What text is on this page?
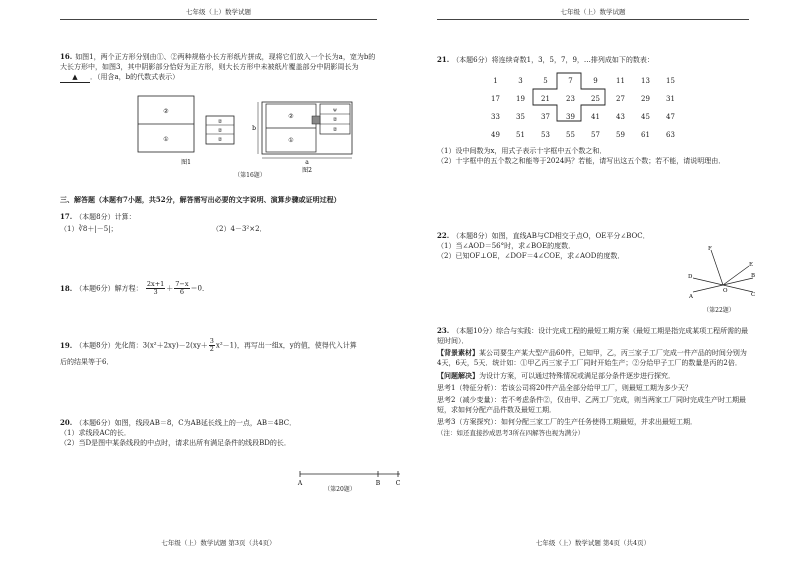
七年级（上）数学试题

16. 如图1，两个正方形分别由①、②两种规格小长方形纸片拼成，现将它们放入一个长为a，宽为b的大长方形中，如图3，其中阴影部分恰好为正方形，则大长方形中未被纸片覆盖部分中阴影周长为▲ ．（用含a，b的代数式表示）

②
①
②
②
②
图1
②
①
ψ
②
②
a
b
图2
（第16题）
三、解答题（本题有7小题，共52分，解答需写出必要的文字说明、演算步骤或证明过程）

17. （本题8分）计算：

（1）∛8＋|－5|；	（2）4－3²×2．

18. （本题6分）解方程： $\frac{2x+1}{3} + \frac{7-x}{6} =0$．

19. （本题8分）先化简：$3(x^2+2xy)-2(xy+ \frac{3}{2} x^2-1)$，再写出一组x，y的值，使得代入计算

后的结果等于6．

20. （本题6分）如图，线段AB＝8，C为AB延长线上的一点，AB＝4BC．

（1）求线段AC的长．

（2）当D是图中某条线段的中点时，请求出所有满足条件的线段BD的长．

A	B	C
（第20题）
七年级（上）数学试题 第3页（共4页）
七年级（上）数学试题

21. （本题6分）将连续奇数1，3，5，7，9，…排列成如下的数表：

1	3	5	7	9	11	13	15
17	19	21	23	25	27	29	31
33	35	37	39	41	43	45	47
49	51	53	55	57	59	61	63

（1）设中间数为x，用式子表示十字框中五个数之和．

（2）十字框中的五个数之和能等于2024吗？若能，请写出这五个数；若不能，请说明理由．

22. （本题8分）如图，直线AB与CD相交于点O，OE平分∠BOC．

（1）当∠AOD＝56°时，求∠BOE的度数．

（2）已知OF⊥OE，∠DOF＝4∠COE，求∠AOD的度数．

F
E
B
D
O
C
A
（第22题）

23. （本题10分）综合与实践：设计完成工程的最短工期方案（最短工期是指完成某项工程所需的最短时间）．

【背景素材】某公司要生产某大型产品60件，已知甲，乙，丙三家子工厂完成一件产品的时间分别为4天，6天，5天．统计如：①甲乙丙三家子工厂同时开始生产；②分给甲子工厂的数量是丙的2倍．

【问题解决】为设计方案，可以通过特殊情况或满足部分条件逐步进行探究．

思考1（特征分析）：若该公司将20件产品全部分给甲工厂，则最短工期为多少天？

思考2（减少变量）：若不考虑条件②，仅由甲、乙两工厂完成，则当两家工厂同时完成生产时工期最短，求如何分配产品件数及最短工期．

思考3（方案探究）：如何分配三家工厂的生产任务使得工期最短，并求出最短工期．

（注：如还直接抄成思考3所在四解答也视为满分）

七年级（上）数学试题 第4页（共4页）
